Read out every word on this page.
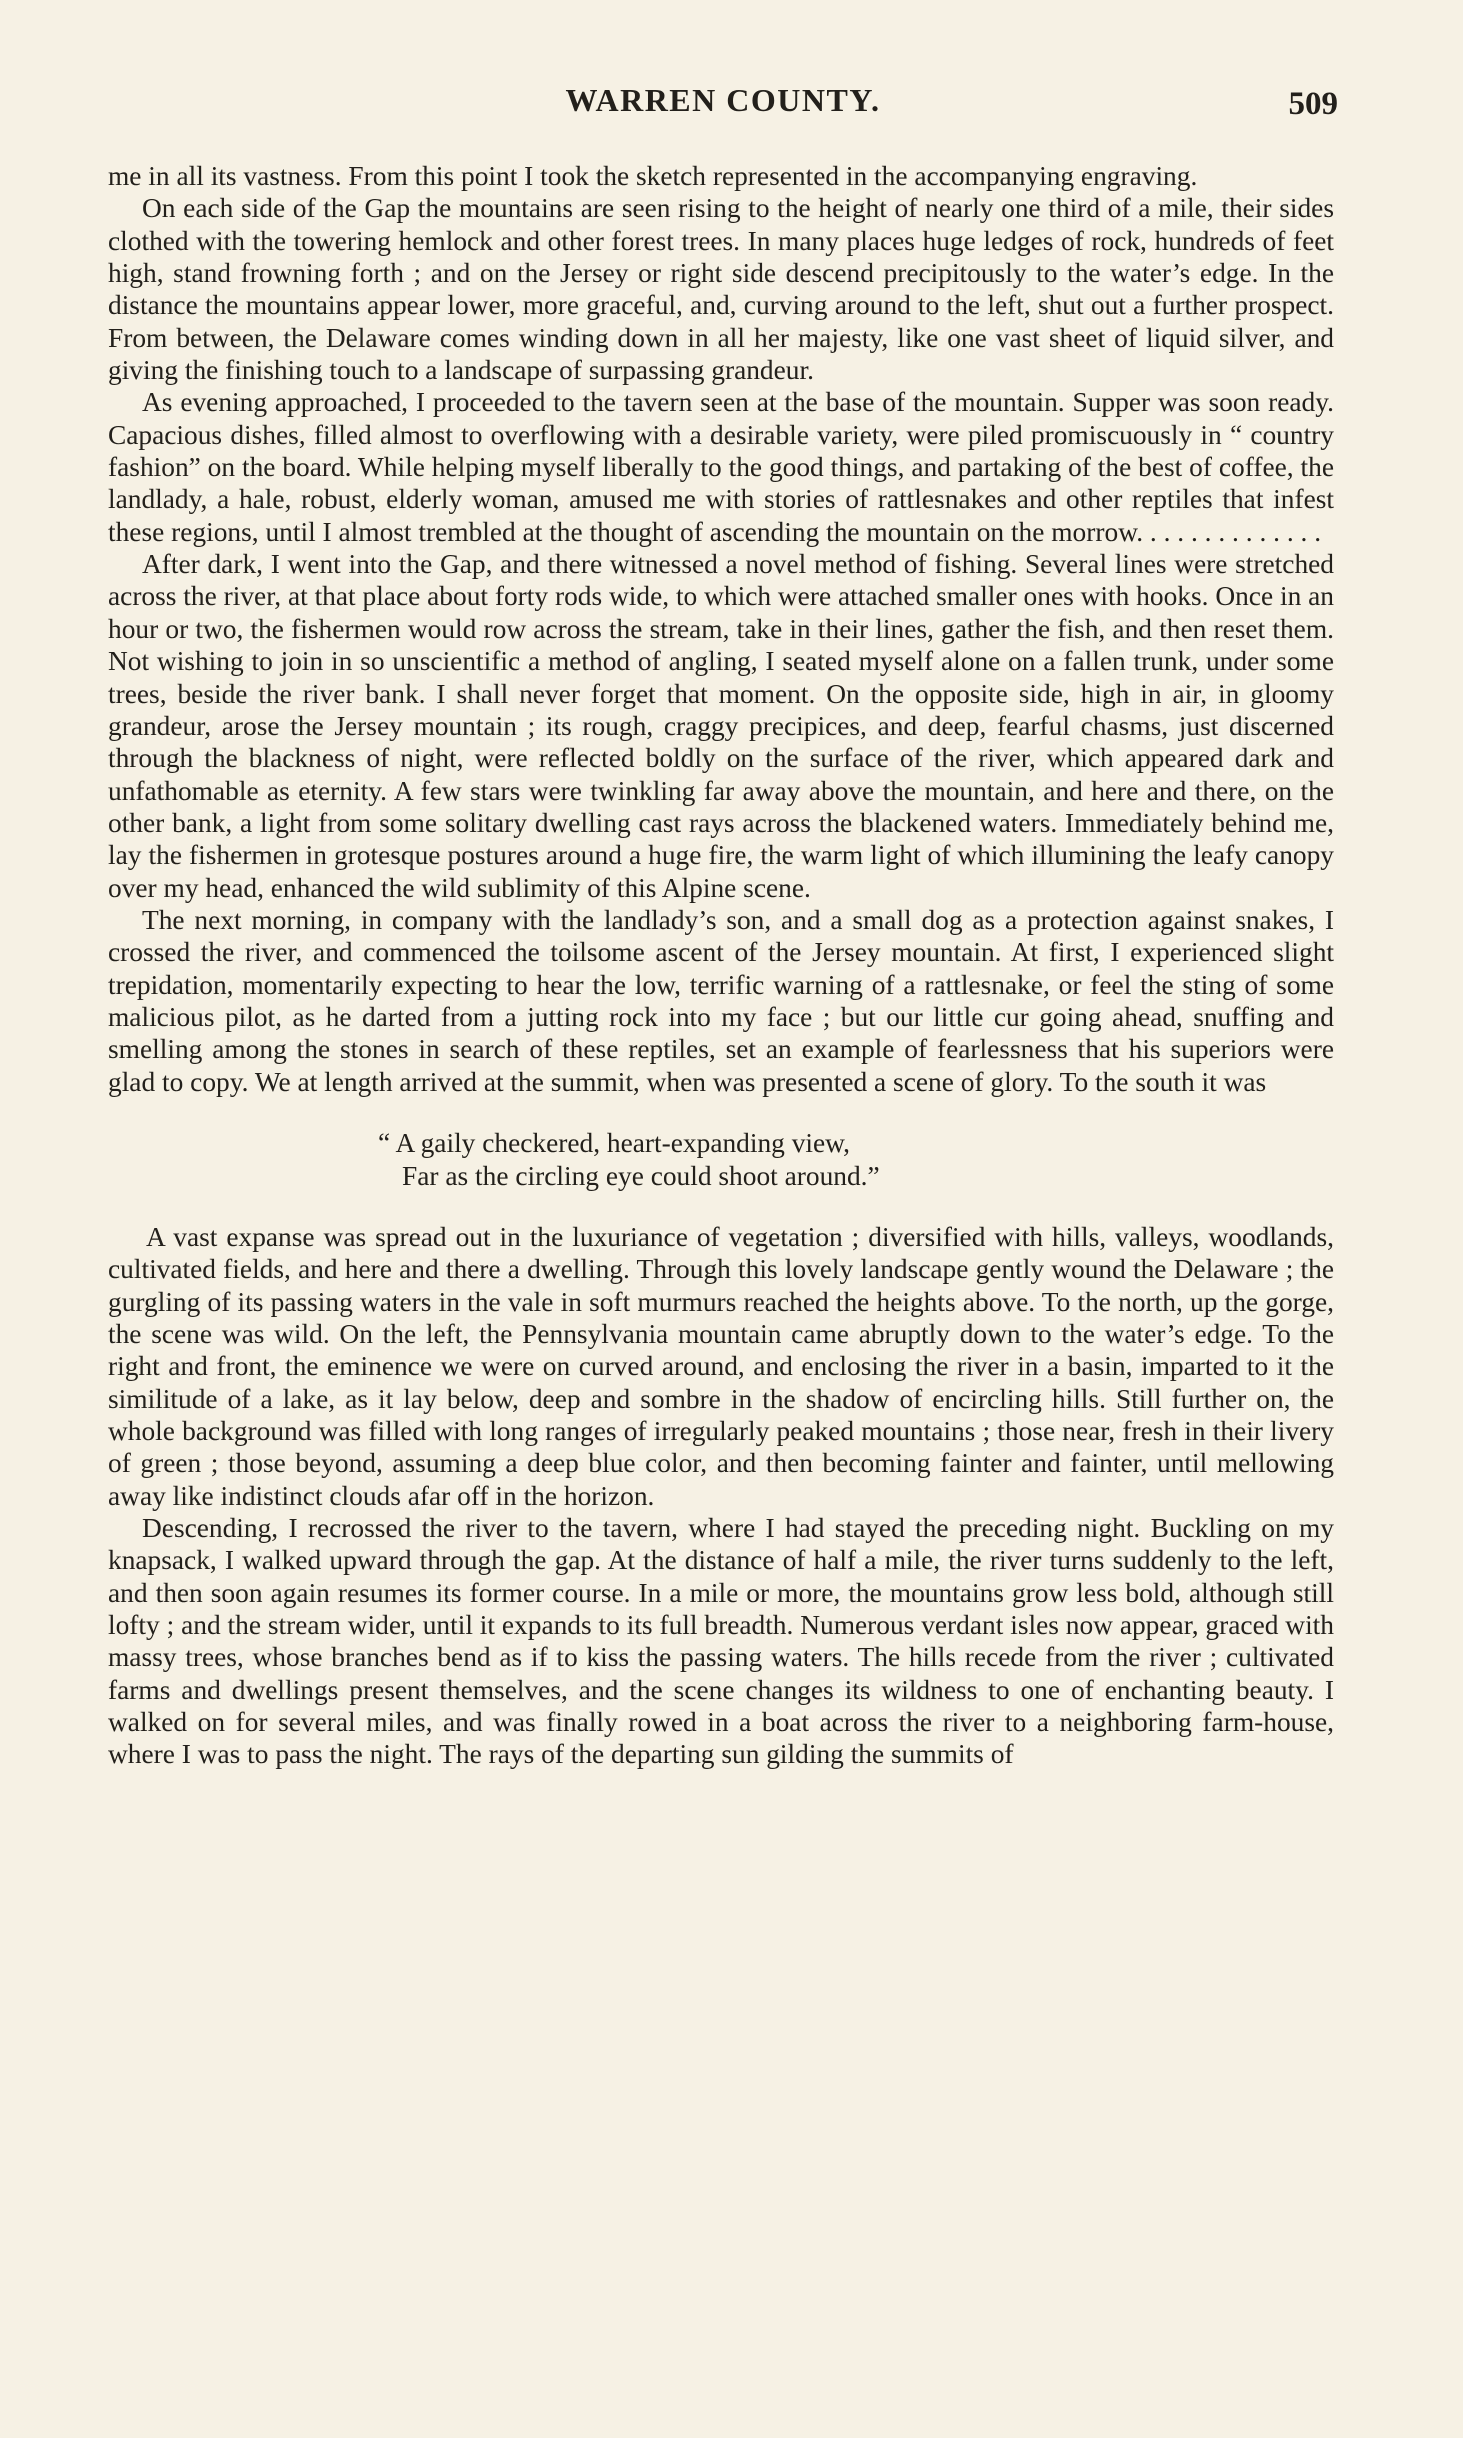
WARREN COUNTY.	509

me in all its vastness. From this point I took the sketch represented in the accompanying engraving.

On each side of the Gap the mountains are seen rising to the height of nearly one third of a mile, their sides clothed with the towering hemlock and other forest trees. In many places huge ledges of rock, hundreds of feet high, stand frowning forth ; and on the Jersey or right side descend precipitously to the water’s edge. In the distance the mountains appear lower, more graceful, and, curving around to the left, shut out a further prospect. From between, the Delaware comes winding down in all her majesty, like one vast sheet of liquid silver, and giving the finishing touch to a landscape of surpassing grandeur.

As evening approached, I proceeded to the tavern seen at the base of the mountain. Supper was soon ready. Capacious dishes, filled almost to overflowing with a desirable variety, were piled promiscuously in “ country fashion” on the board. While helping myself liberally to the good things, and partaking of the best of coffee, the landlady, a hale, robust, elderly woman, amused me with stories of rattlesnakes and other reptiles that infest these regions, until I almost trembled at the thought of ascending the mountain on the morrow. . . . . . . . . . . . . .

After dark, I went into the Gap, and there witnessed a novel method of fishing. Several lines were stretched across the river, at that place about forty rods wide, to which were attached smaller ones with hooks. Once in an hour or two, the fishermen would row across the stream, take in their lines, gather the fish, and then reset them. Not wishing to join in so unscientific a method of angling, I seated myself alone on a fallen trunk, under some trees, beside the river bank. I shall never forget that moment. On the opposite side, high in air, in gloomy grandeur, arose the Jersey mountain ; its rough, craggy precipices, and deep, fearful chasms, just discerned through the blackness of night, were reflected boldly on the surface of the river, which appeared dark and unfathomable as eternity. A few stars were twinkling far away above the mountain, and here and there, on the other bank, a light from some solitary dwelling cast rays across the blackened waters. Immediately behind me, lay the fishermen in grotesque postures around a huge fire, the warm light of which illumining the leafy canopy over my head, enhanced the wild sublimity of this Alpine scene.

The next morning, in company with the landlady’s son, and a small dog as a protection against snakes, I crossed the river, and commenced the toilsome ascent of the Jersey mountain. At first, I experienced slight trepidation, momentarily expecting to hear the low, terrific warning of a rattlesnake, or feel the sting of some malicious pilot, as he darted from a jutting rock into my face ; but our little cur going ahead, snuffing and smelling among the stones in search of these reptiles, set an example of fearlessness that his superiors were glad to copy. We at length arrived at the summit, when was presented a scene of glory. To the south it was

“ A gaily checkered, heart-expanding view,
Far as the circling eye could shoot around.”

A vast expanse was spread out in the luxuriance of vegetation ; diversified with hills, valleys, woodlands, cultivated fields, and here and there a dwelling. Through this lovely landscape gently wound the Delaware ; the gurgling of its passing waters in the vale in soft murmurs reached the heights above. To the north, up the gorge, the scene was wild. On the left, the Pennsylvania mountain came abruptly down to the water’s edge. To the right and front, the eminence we were on curved around, and enclosing the river in a basin, imparted to it the similitude of a lake, as it lay below, deep and sombre in the shadow of encircling hills. Still further on, the whole background was filled with long ranges of irregularly peaked mountains ; those near, fresh in their livery of green ; those beyond, assuming a deep blue color, and then becoming fainter and fainter, until mellowing away like indistinct clouds afar off in the horizon.

Descending, I recrossed the river to the tavern, where I had stayed the preceding night. Buckling on my knapsack, I walked upward through the gap. At the distance of half a mile, the river turns suddenly to the left, and then soon again resumes its former course. In a mile or more, the mountains grow less bold, although still lofty ; and the stream wider, until it expands to its full breadth. Numerous verdant isles now appear, graced with massy trees, whose branches bend as if to kiss the passing waters. The hills recede from the river ; cultivated farms and dwellings present themselves, and the scene changes its wildness to one of enchanting beauty. I walked on for several miles, and was finally rowed in a boat across the river to a neighboring farm-house, where I was to pass the night. The rays of the departing sun gilding the summits of
